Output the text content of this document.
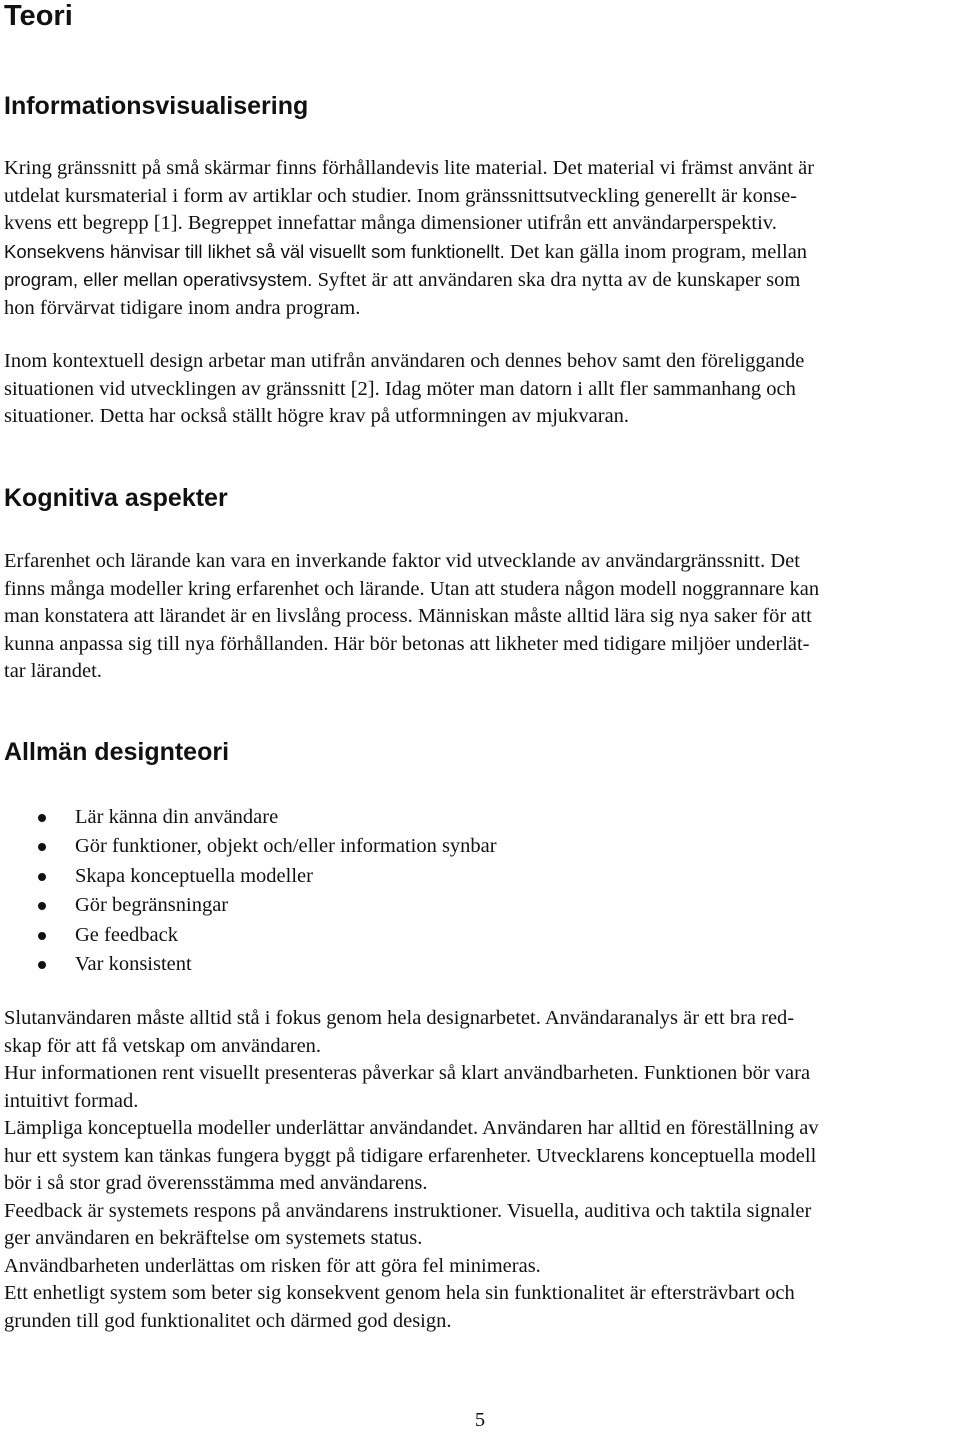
Teori
Informationsvisualisering

Kring gränssnitt på små skärmar finns förhållandevis lite material. Det material vi främst använt är
utdelat kursmaterial i form av artiklar och studier. Inom gränssnittsutveckling generellt är konse-
kvens ett begrepp [1]. Begreppet innefattar många dimensioner utifrån ett användarperspektiv.
Konsekvens hänvisar till likhet så väl visuellt som funktionellt. Det kan gälla inom program, mellan
program, eller mellan operativsystem. Syftet är att användaren ska dra nytta av de kunskaper som
hon förvärvat tidigare inom andra program.

Inom kontextuell design arbetar man utifrån användaren och dennes behov samt den föreliggande
situationen vid utvecklingen av gränssnitt [2]. Idag möter man datorn i allt fler sammanhang och
situationer. Detta har också ställt högre krav på utformningen av mjukvaran.

Kognitiva aspekter

Erfarenhet och lärande kan vara en inverkande faktor vid utvecklande av användargränssnitt. Det
finns många modeller kring erfarenhet och lärande. Utan att studera någon modell noggrannare kan
man konstatera att lärandet är en livslång process. Människan måste alltid lära sig nya saker för att
kunna anpassa sig till nya förhållanden. Här bör betonas att likheter med tidigare miljöer underlät-
tar lärandet.

Allmän designteori
Lär känna din användare
Gör funktioner, objekt och/eller information synbar
Skapa konceptuella modeller
Gör begränsningar
Ge feedback
Var konsistent

Slutanvändaren måste alltid stå i fokus genom hela designarbetet. Användaranalys är ett bra red-
skap för att få vetskap om användaren.
Hur informationen rent visuellt presenteras påverkar så klart användbarheten. Funktionen bör vara
intuitivt formad.
Lämpliga konceptuella modeller underlättar användandet. Användaren har alltid en föreställning av
hur ett system kan tänkas fungera byggt på tidigare erfarenheter. Utvecklarens konceptuella modell
bör i så stor grad överensstämma med användarens.
Feedback är systemets respons på användarens instruktioner. Visuella, auditiva och taktila signaler
ger användaren en bekräftelse om systemets status.
Användbarheten underlättas om risken för att göra fel minimeras.
Ett enhetligt system som beter sig konsekvent genom hela sin funktionalitet är eftersträvbart och
grunden till god funktionalitet och därmed god design.

5
